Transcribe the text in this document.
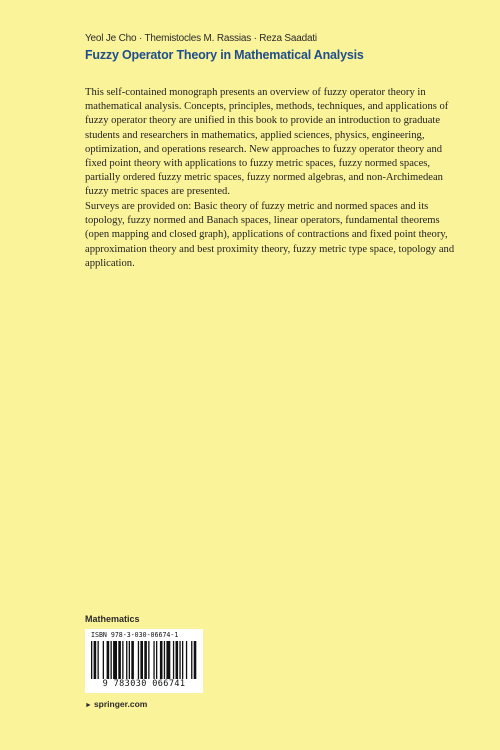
Yeol Je Cho · Themistocles M. Rassias · Reza Saadati
Fuzzy Operator Theory in Mathematical Analysis

This self-contained monograph presents an overview of fuzzy operator theory in mathematical analysis. Concepts, principles, methods, techniques, and applications of fuzzy operator theory are unified in this book to provide an introduction to graduate students and researchers in mathematics, applied sciences, physics, engineering, optimization, and operations research. New approaches to fuzzy operator theory and fixed point theory with applications to fuzzy metric spaces, fuzzy normed spaces, partially ordered fuzzy metric spaces, fuzzy normed algebras, and non-Archimedean fuzzy metric spaces are presented.

Surveys are provided on: Basic theory of fuzzy metric and normed spaces and its topology, fuzzy normed and Banach spaces, linear operators, fundamental theorems (open mapping and closed graph), applications of contractions and fixed point theory, approximation theory and best proximity theory, fuzzy metric type space, topology and application.

Mathematics
ISBN 978-3-030-06674-1
9 783030 066741
► springer.com
